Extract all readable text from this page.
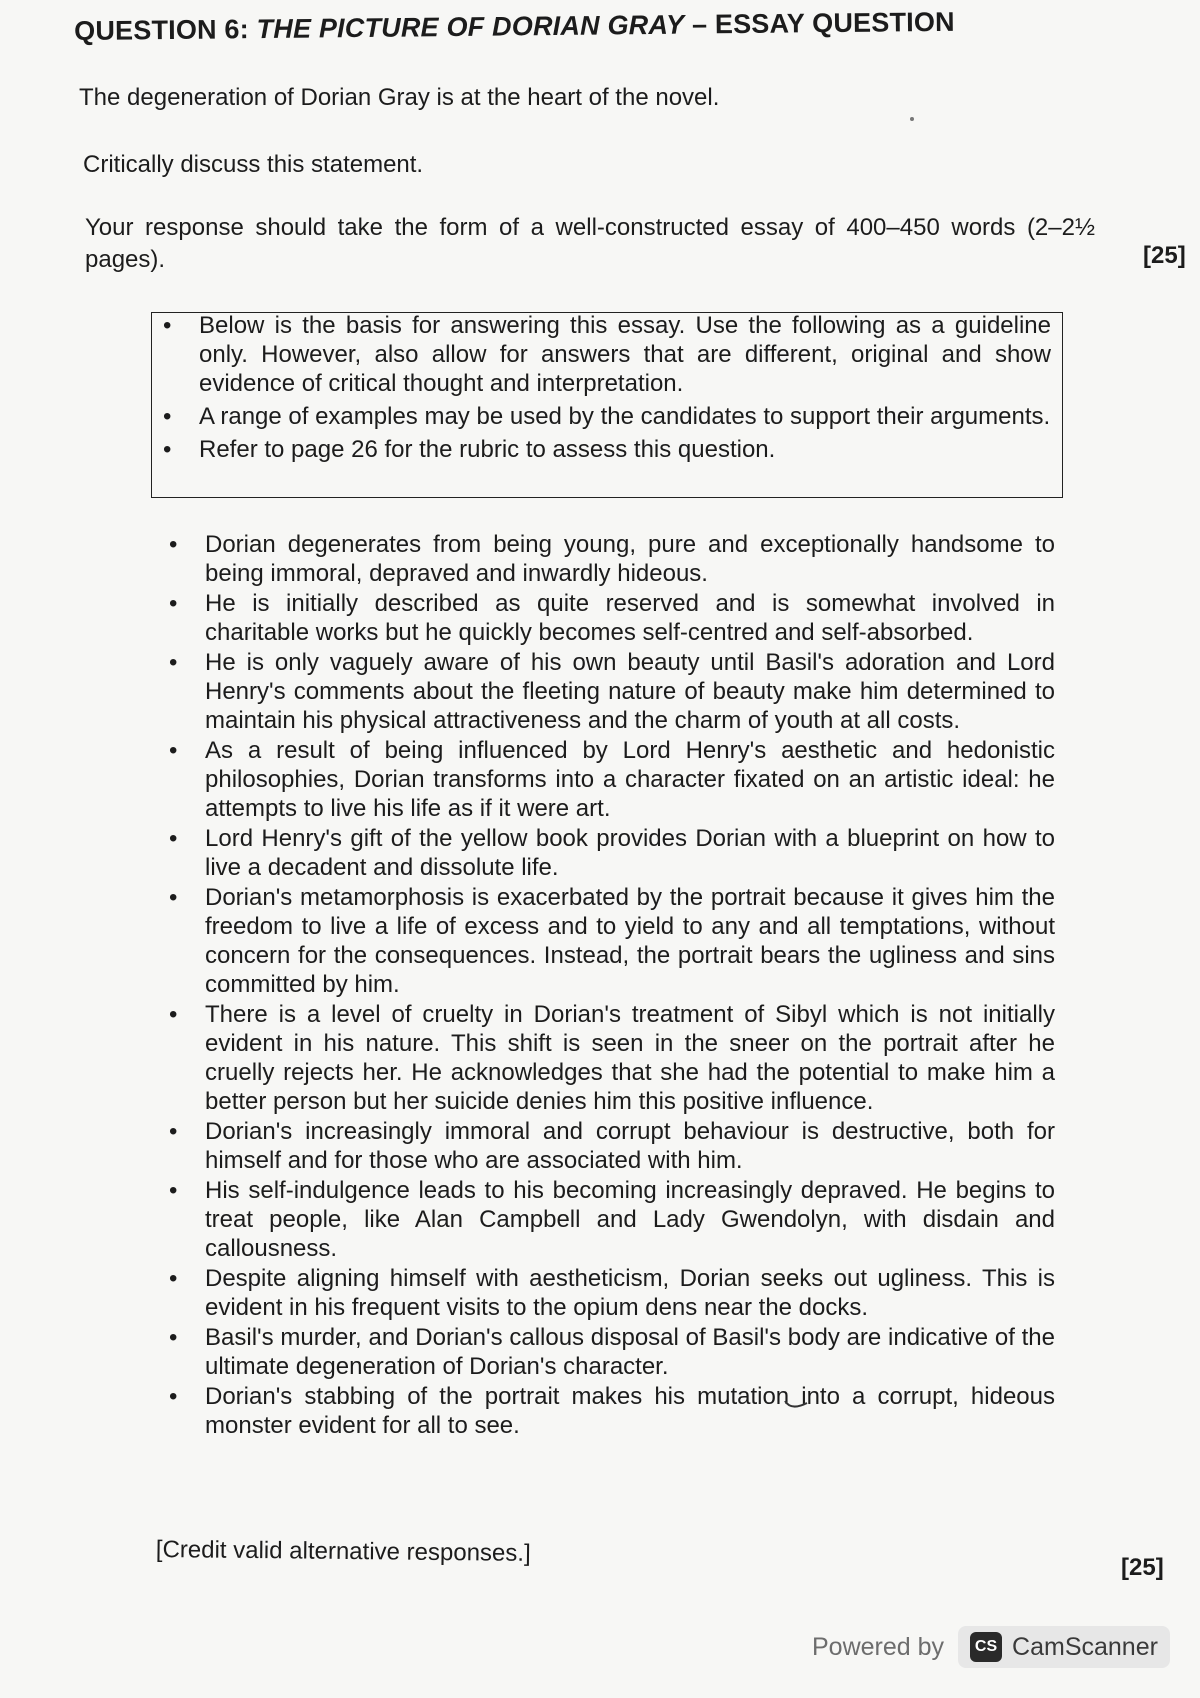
QUESTION 6: THE PICTURE OF DORIAN GRAY – ESSAY QUESTION
The degeneration of Dorian Gray is at the heart of the novel.
Critically discuss this statement.
Your response should take the form of a well-constructed essay of 400–450 words (2–2½ pages).	[25]
• Below is the basis for answering this essay. Use the following as a guideline only. However, also allow for answers that are different, original and show evidence of critical thought and interpretation.
• A range of examples may be used by the candidates to support their arguments.
• Refer to page 26 for the rubric to assess this question.
• Dorian degenerates from being young, pure and exceptionally handsome to being immoral, depraved and inwardly hideous.
• He is initially described as quite reserved and is somewhat involved in charitable works but he quickly becomes self-centred and self-absorbed.
• He is only vaguely aware of his own beauty until Basil's adoration and Lord Henry's comments about the fleeting nature of beauty make him determined to maintain his physical attractiveness and the charm of youth at all costs.
• As a result of being influenced by Lord Henry's aesthetic and hedonistic philosophies, Dorian transforms into a character fixated on an artistic ideal: he attempts to live his life as if it were art.
• Lord Henry's gift of the yellow book provides Dorian with a blueprint on how to live a decadent and dissolute life.
• Dorian's metamorphosis is exacerbated by the portrait because it gives him the freedom to live a life of excess and to yield to any and all temptations, without concern for the consequences. Instead, the portrait bears the ugliness and sins committed by him.
• There is a level of cruelty in Dorian's treatment of Sibyl which is not initially evident in his nature. This shift is seen in the sneer on the portrait after he cruelly rejects her. He acknowledges that she had the potential to make him a better person but her suicide denies him this positive influence.
• Dorian's increasingly immoral and corrupt behaviour is destructive, both for himself and for those who are associated with him.
• His self-indulgence leads to his becoming increasingly depraved. He begins to treat people, like Alan Campbell and Lady Gwendolyn, with disdain and callousness.
• Despite aligning himself with aestheticism, Dorian seeks out ugliness. This is evident in his frequent visits to the opium dens near the docks.
• Basil's murder, and Dorian's callous disposal of Basil's body are indicative of the ultimate degeneration of Dorian's character.
• Dorian's stabbing of the portrait makes his mutation into a corrupt, hideous monster evident for all to see.
[Credit valid alternative responses.]
[25]
Powered by	CS CamScanner
